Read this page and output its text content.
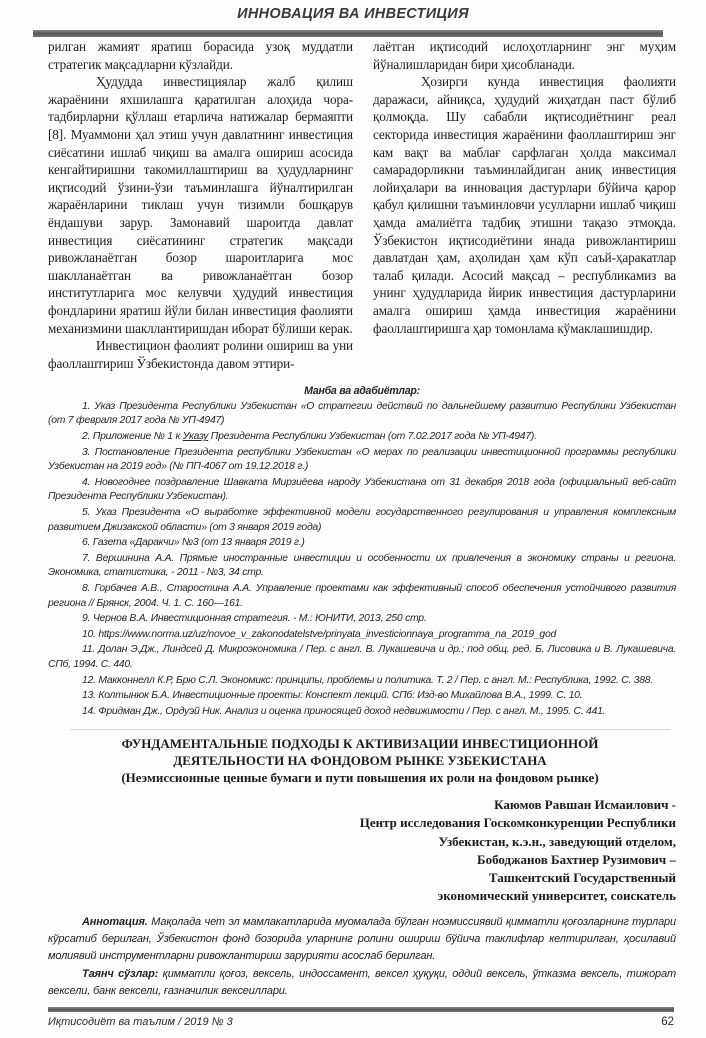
ИННОВАЦИЯ ВА ИНВЕСТИЦИЯ

рилган жамият яратиш борасида узоқ муддатли стратегик мақсадларни кўзлайди.

Ҳудудда инвестициялар жалб қилиш жараёнини яхшилашга қаратилган алоҳида чора-тадбирларни қўллаш етарлича натижалар бермаяпти [8]. Муаммони ҳал этиш учун давлатнинг инвестиция сиёсатини ишлаб чиқиш ва амалга ошириш асосида кенгайтиришни такомиллаштириш ва ҳудудларнинг иқтисодий ўзини-ўзи таъминлашга йўналтирилган жараёнларини тиклаш учун тизимли бошқарув ёндашуви зарур. Замонавий шароитда давлат инвестиция сиёсатининг стратегик мақсади ривожланаётган бозор шароитларига мос шаклланаётган ва ривожланаётган бозор институтларига мос келувчи ҳудудий инвестиция фондларини яратиш йўли билан инвестиция фаолияти механизмини шакллантиришдан иборат бўлиши керак.

Инвестицион фаолият ролини ошириш ва уни фаоллаштириш Ўзбекистонда давом эттири-

лаётган иқтисодий ислоҳотларнинг энг муҳим йўналишларидан бири ҳисобланади.

Ҳозирги кунда инвестиция фаолияти даражаси, айниқса, ҳудудий жиҳатдан паст бўлиб қолмоқда. Шу сабабли иқтисодиётнинг реал секторида инвестиция жараёнини фаоллаштириш энг кам вақт ва маблағ сарфлаган ҳолда максимал самарадорликни таъминлайдиган аниқ инвестиция лойиҳалари ва инновация дастурлари бўйича қарор қабул қилишни таъминловчи усулларни ишлаб чиқиш ҳамда амалиётга тадбиқ этишни тақазо этмоқда. Ўзбекистон иқтисодиётини янада ривожлантириш давлатдан ҳам, аҳолидан ҳам кўп саъй-ҳаракатлар талаб қилади. Асосий мақсад – республикамиз ва унинг ҳудудларида йирик инвестиция дастурларини амалга ошириш ҳамда инвестиция жараёнини фаоллаштиришга ҳар томонлама кўмаклашишдир.

Манба ва адабиётлар:
1. Указ Президента Республики Узбекистан «О стратегии действий по дальнейшему развитию Республики Узбекистан (от 7 февраля 2017 года № УП-4947)
2. Приложение № 1 к Указу Президента Республики Узбекистан (от 7.02.2017 года № УП-4947).
3. Постановление Президента республики Узбекистан «О мерах по реализации инвестиционной программы республики Узбекистан на 2019 год» (№ ПП-4067 от 19.12.2018 г.)
4. Новогоднее поздравление Шавката Мирзиёева народу Узбекистана от 31 декабря 2018 года (официальный веб-сайт Президента Республики Узбекистан).
5. Указ Президента «О выработке эффективной модели государственного регулирования и управления комплексным развитием Джизакской области» (от 3 января 2019 года)
6. Газета «Даракчи» №3 (от 13 января 2019 г.)
7. Вершинина А.А. Прямые иностранные инвестиции и особенности их привлечения в экономику страны и региона. Экономика, статистика, - 2011 - №3, 34 стр.
8. Горбачев А.В., Старостина А.А. Управление проектами как эффективный способ обеспечения устойчивого развития региона // Брянск, 2004. Ч. 1. С. 160—161.
9. Чернов В.А. Инвестиционная стратегия. - М.: ЮНИТИ, 2013, 250 стр.
10. https://www.norma.uz/uz/novoe_v_zakonodatelstve/prinyata_investicionnaya_programma_na_2019_god
11. Долан Э.Дж., Линдсей Д. Микроэкономика / Пер. с англ. В. Лукашевича и др.; под общ. ред. Б. Лисовика и В. Лукашевича. СПб, 1994. С. 440.
12. Макконнелл К.Р, Брю С.Л. Экономикс: принципы, проблемы и политика. Т. 2 / Пер. с англ. М.: Республика, 1992. С. 388.
13. Колтынюк Б.А. Инвестиционные проекты: Конспект лекций. СПб: Изд-во Михайлова В.А., 1999. С. 10.
14. Фридман Дж., Ордуэй Ник. Анализ и оценка приносящей доход недвижимости / Пер. с англ. М., 1995. С. 441.
ФУНДАМЕНТАЛЬНЫЕ ПОДХОДЫ К АКТИВИЗАЦИИ ИНВЕСТИЦИОННОЙ
ДЕЯТЕЛЬНОСТИ НА ФОНДОВОМ РЫНКЕ УЗБЕКИСТАНА
(Неэмиссионные ценные бумаги и пути повышения их роли на фондовом рынке)
Каюмов Равшан Исмаилович -
Центр исследования Госкомконкуренции Республики
Узбекистан, к.э.н., заведующий отделом,
Бободжанов Бахтиер Рузимович –
Ташкентский Государственный
экономический университет, соискатель

Аннотация. Мақолада чет эл мамлакатларида муомалада бўлган ноэмиссиявий қимматли қоғозларнинг турлари кўрсатиб берилган, Ўзбекистон фонд бозорида уларнинг ролини ошириш бўйича таклифлар келтирилган, ҳосилавий молиявий инструментларни ривожлантириш зарурияти асослаб берилган.

Таянч сўзлар: қимматли қоғоз, вексель, индоссамент, вексел ҳуқуқи, оддий вексель, ўтказма вексель, тижорат вексели, банк вексели, ғазначилик вексеиллари.

Иқтисодиёт ва таълим / 2019 № 3	62
